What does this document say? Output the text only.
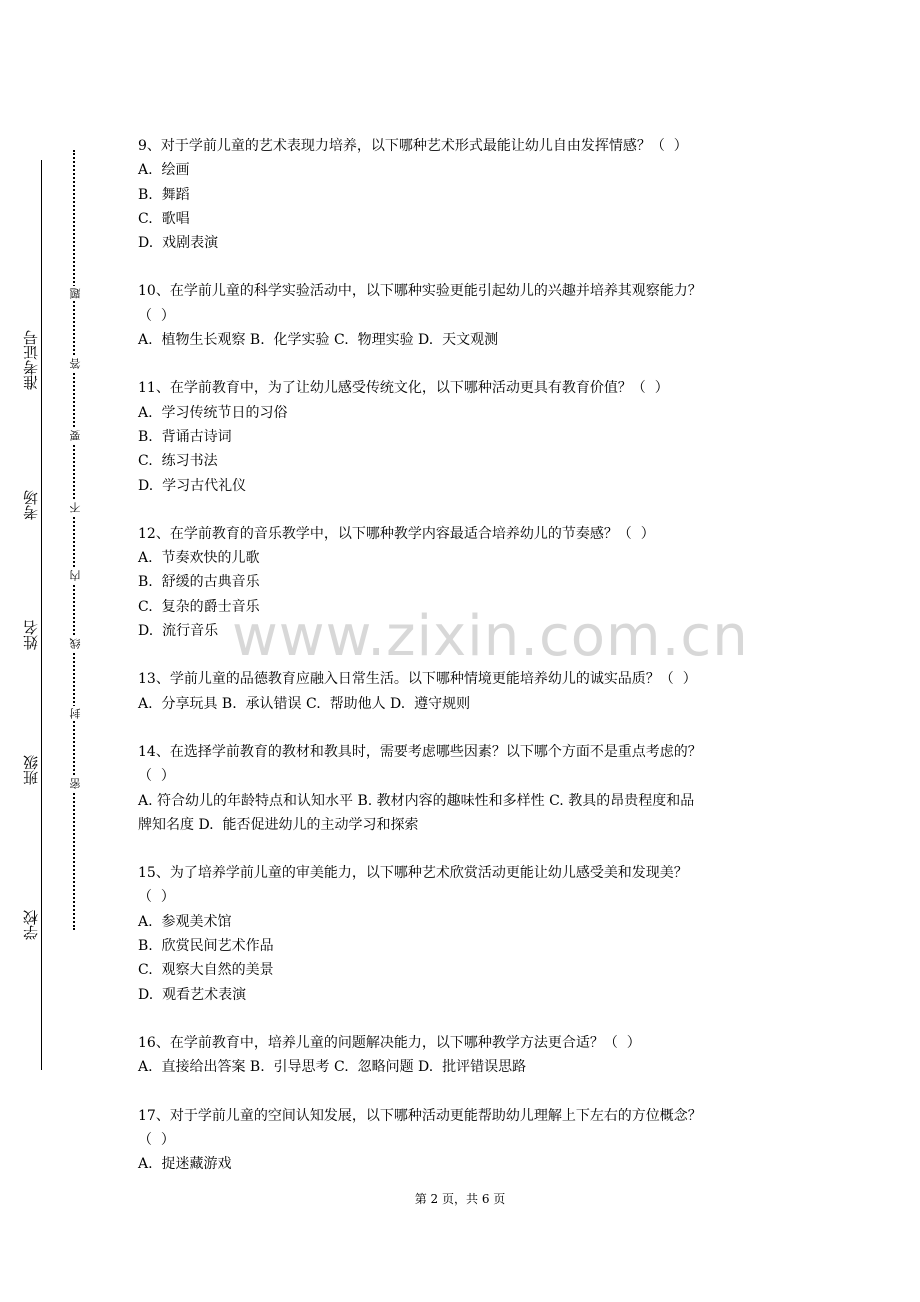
准考证号
考场
姓名
班级
学校
题
答
要
不
内
线
封
密
www.zixin.com.cn
9、对于学前儿童的艺术表现力培养，以下哪种艺术形式最能让幼儿自由发挥情感？（  ）
A.  绘画
B.  舞蹈
C.  歌唱
D.  戏剧表演
10、在学前儿童的科学实验活动中，以下哪种实验更能引起幼儿的兴趣并培养其观察能力？
（  ）
A.  植物生长观察 B.  化学实验 C.  物理实验 D.  天文观测
11、在学前教育中，为了让幼儿感受传统文化，以下哪种活动更具有教育价值？（  ）
A.  学习传统节日的习俗
B.  背诵古诗词
C.  练习书法
D.  学习古代礼仪
12、在学前教育的音乐教学中，以下哪种教学内容最适合培养幼儿的节奏感？（  ）
A.  节奏欢快的儿歌
B.  舒缓的古典音乐
C.  复杂的爵士音乐
D.  流行音乐
13、学前儿童的品德教育应融入日常生活。以下哪种情境更能培养幼儿的诚实品质？（  ）
A.  分享玩具 B.  承认错误 C.  帮助他人 D.  遵守规则
14、在选择学前教育的教材和教具时，需要考虑哪些因素？以下哪个方面不是重点考虑的？
（  ）
A. 符合幼儿的年龄特点和认知水平 B. 教材内容的趣味性和多样性 C. 教具的昂贵程度和品
牌知名度 D.  能否促进幼儿的主动学习和探索
15、为了培养学前儿童的审美能力，以下哪种艺术欣赏活动更能让幼儿感受美和发现美？
（  ）
A.  参观美术馆
B.  欣赏民间艺术作品
C.  观察大自然的美景
D.  观看艺术表演
16、在学前教育中，培养儿童的问题解决能力，以下哪种教学方法更合适？（  ）
A.  直接给出答案 B.  引导思考 C.  忽略问题 D.  批评错误思路
17、对于学前儿童的空间认知发展，以下哪种活动更能帮助幼儿理解上下左右的方位概念？
（  ）
A.  捉迷藏游戏
第 2 页，共 6 页
